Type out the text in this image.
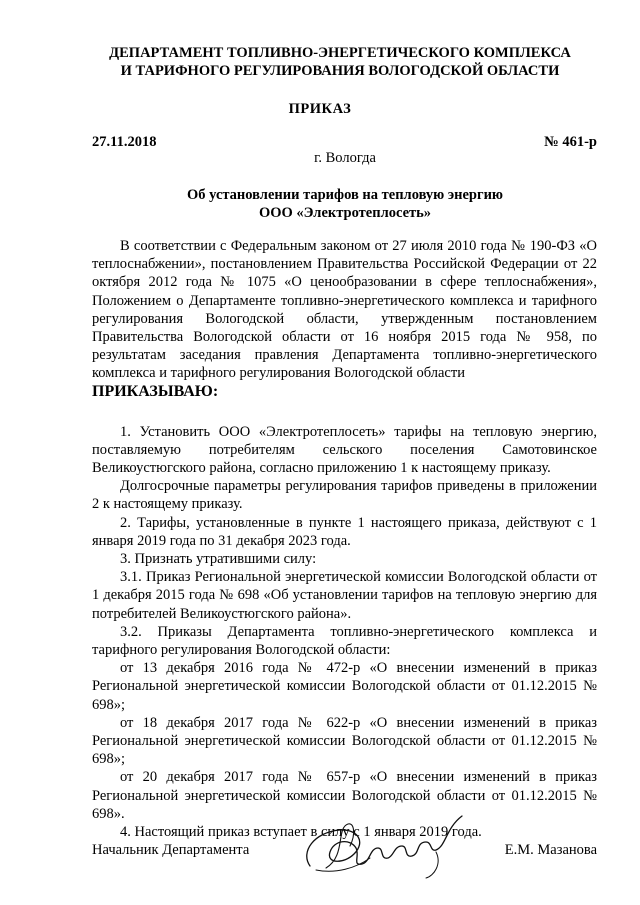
ДЕПАРТАМЕНТ ТОПЛИВНО-ЭНЕРГЕТИЧЕСКОГО КОМПЛЕКСА
И ТАРИФНОГО РЕГУЛИРОВАНИЯ ВОЛОГОДСКОЙ ОБЛАСТИ
ПРИКАЗ
27.11.2018	№ 461-р
г. Вологда
Об установлении тарифов на тепловую энергию
ООО «Электротеплосеть»

В соответствии с Федеральным законом от 27 июля 2010 года № 190-ФЗ «О теплоснабжении», постановлением Правительства Российской Федерации от 22 октября 2012 года № 1075 «О ценообразовании в сфере теплоснабжения», Положением о Департаменте топливно-энергетического комплекса и тарифного регулирования Вологодской области, утвержденным постановлением Правительства Вологодской области от 16 ноября 2015 года № 958, по результатам заседания правления Департамента топливно-энергетического комплекса и тарифного регулирования Вологодской области

ПРИКАЗЫВАЮ:

1. Установить ООО «Электротеплосеть» тарифы на тепловую энергию, поставляемую потребителям сельского поселения Самотовинское Великоустюгского района, согласно приложению 1 к настоящему приказу.

Долгосрочные параметры регулирования тарифов приведены в приложении 2 к настоящему приказу.

2. Тарифы, установленные в пункте 1 настоящего приказа, действуют с 1 января 2019 года по 31 декабря 2023 года.

3. Признать утратившими силу:

3.1. Приказ Региональной энергетической комиссии Вологодской области от 1 декабря 2015 года № 698 «Об установлении тарифов на тепловую энергию для потребителей Великоустюгского района».

3.2. Приказы Департамента топливно-энергетического комплекса и тарифного регулирования Вологодской области:

от 13 декабря 2016 года № 472-р «О внесении изменений в приказ Региональной энергетической комиссии Вологодской области от 01.12.2015 № 698»;

от 18 декабря 2017 года № 622-р «О внесении изменений в приказ Региональной энергетической комиссии Вологодской области от 01.12.2015 № 698»;

от 20 декабря 2017 года № 657-р «О внесении изменений в приказ Региональной энергетической комиссии Вологодской области от 01.12.2015 № 698».

4. Настоящий приказ вступает в силу с 1 января 2019 года.

Начальник Департамента	Е.М. Мазанова
